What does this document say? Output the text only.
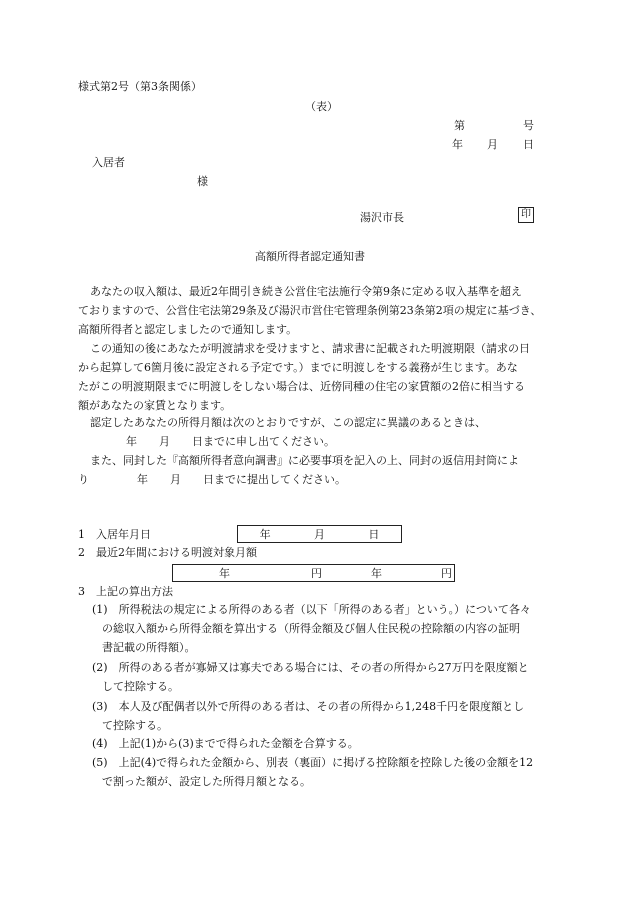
様式第2号（第3条関係）
（表）
第	号
年 月 日
入居者
様
湯沢市長	印
高額所得者認定通知書
あなたの収入額は、最近2年間引き続き公営住宅法施行令第9条に定める収入基準を超え
ておりますので、公営住宅法第29条及び湯沢市営住宅管理条例第23条第2項の規定に基づき、
高額所得者と認定しましたので通知します。
この通知の後にあなたが明渡請求を受けますと、請求書に記載された明渡期限（請求の日
から起算して6箇月後に設定される予定です。）までに明渡しをする義務が生じます。あな
たがこの明渡期限までに明渡しをしない場合は、近傍同種の住宅の家賃額の2倍に相当する
額があなたの家賃となります。
認定したあなたの所得月額は次のとおりですが、この認定に異議のあるときは、
年　　月　　日までに申し出てください。
また、同封した『高額所得者意向調書』に必要事項を記入の上、同封の返信用封筒によ
り	年　　月　　日までに提出してください。
1　入居年月日	年	月	日
2　最近2年間における明渡対象月額
年	円	年	円
3　上記の算出方法
(1)　所得税法の規定による所得のある者（以下「所得のある者」という。）について各々
の総収入額から所得金額を算出する（所得金額及び個人住民税の控除額の内容の証明
書記載の所得額）。
(2)　所得のある者が寡婦又は寡夫である場合には、その者の所得から27万円を限度額と
して控除する。
(3)　本人及び配偶者以外で所得のある者は、その者の所得から1,248千円を限度額とし
て控除する。
(4)　上記(1)から(3)までで得られた金額を合算する。
(5)　上記(4)で得られた金額から、別表（裏面）に掲げる控除額を控除した後の金額を12
で割った額が、設定した所得月額となる。
